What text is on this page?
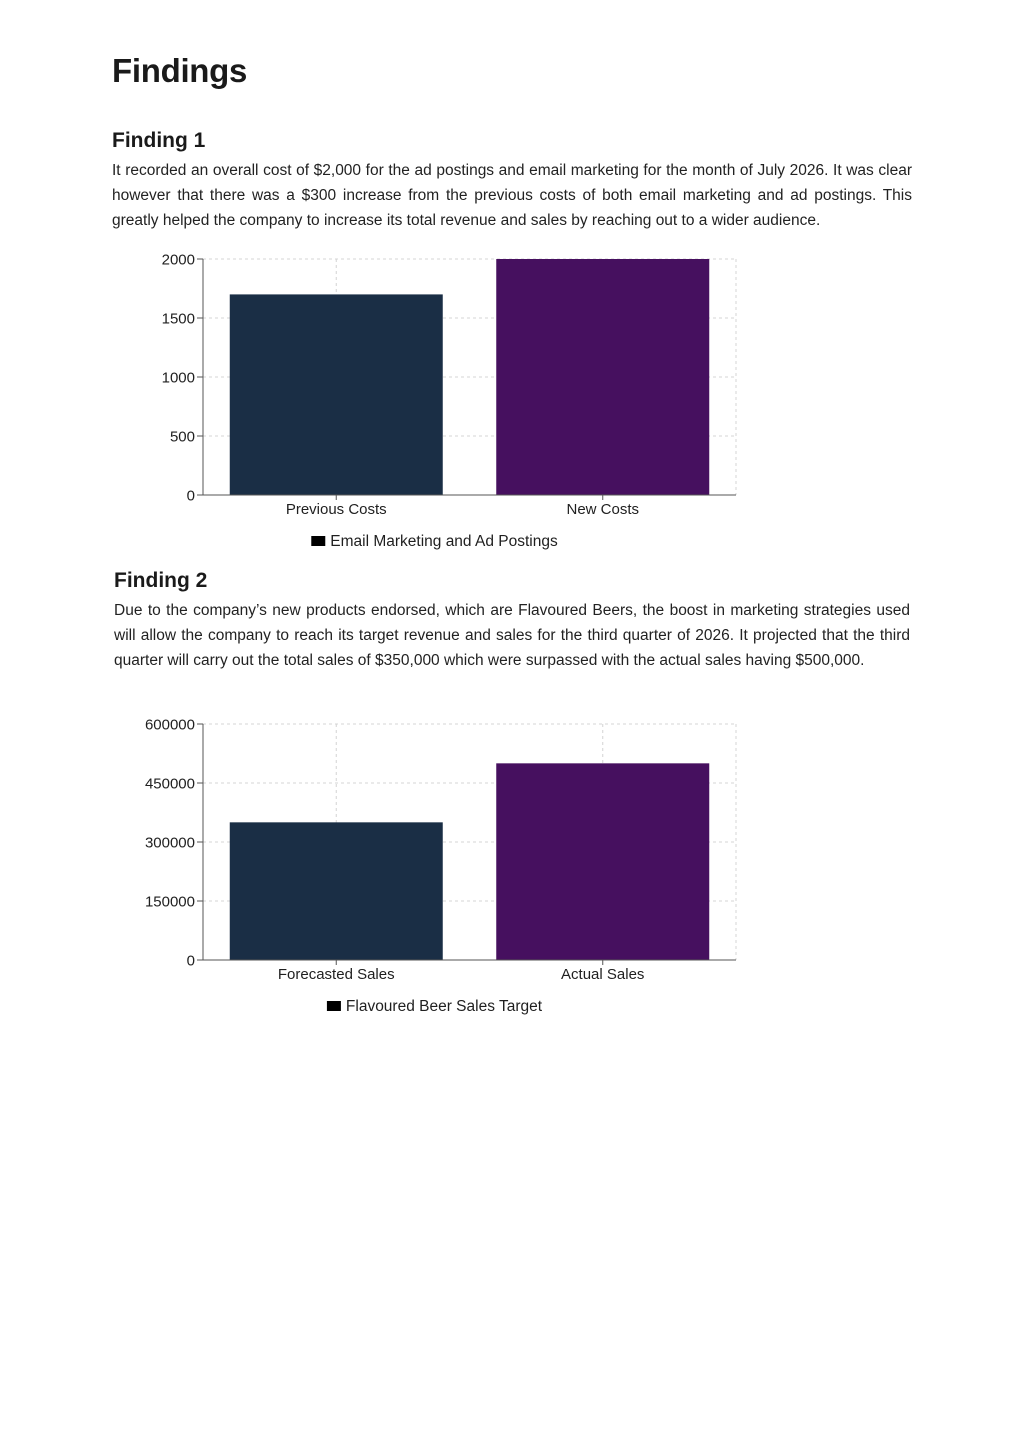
Findings
Finding 1

It recorded an overall cost of $2,000 for the ad postings and email marketing for the month of July 2026. It was clear however that there was a $300 increase from the previous costs of both email marketing and ad postings. This greatly helped the company to increase its total revenue and sales by reaching out to a wider audience.

0
500
1000
1500
2000
Previous Costs	New Costs
Email Marketing and Ad Postings
Finding 2

Due to the company’s new products endorsed, which are Flavoured Beers, the boost in marketing strategies used will allow the company to reach its target revenue and sales for the third quarter of 2026. It projected that the third quarter will carry out the total sales of $350,000 which were surpassed with the actual sales having $500,000.

0
150000
300000
450000
600000
Forecasted Sales	Actual Sales
Flavoured Beer Sales Target
